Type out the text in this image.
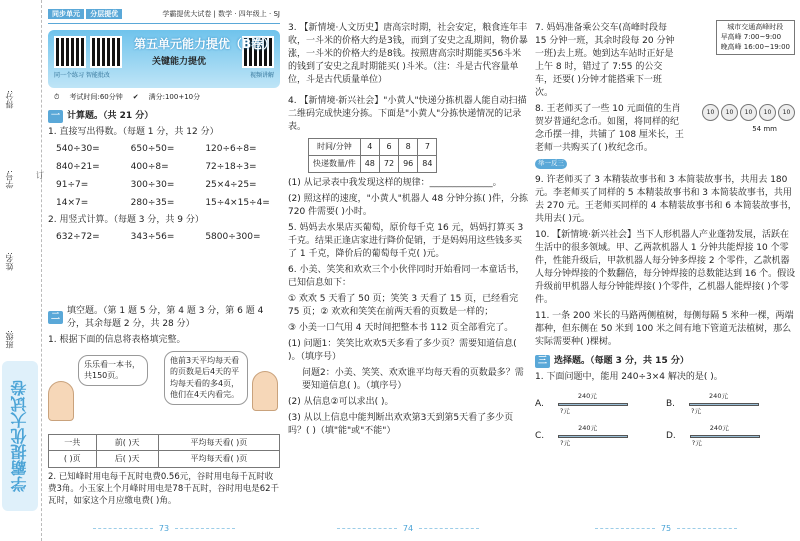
得分:
学号:
姓名:
班级:
订
学霸提优大试卷
同步单元 分层提优	学霸提优大试卷 | 数学 · 四年级上 · SJ
同一个练习 智能批改	视频讲解
第五单元能力提优（B卷）
关键能力提优
⏱ 考试时间:60分钟 ✔ 满分:100+10分
一 计算题。（共 21 分）
1. 直接写出得数。（每题 1 分，共 12 分）
540÷30=	650÷50=	120÷6÷8=
840÷21=	400÷8=	72÷18÷3=
91÷7=	300÷30=	25×4÷25=
14×7=	280÷35=	15÷4×15÷4=
2. 用竖式计算。（每题 3 分，共 9 分）
632÷72=	343÷56=	5800÷300=
二
填空题。（第 1 题 5 分，第 4 题 3 分，第 6 题 4 分，其余每题 2 分，共 28 分）
1. 根据下面的信息将表格填完整。
乐乐看一本书，共150页。
他前3天平均每天看的页数是后4天的平均每天看的多4页，他们在4天内看完。
一共	前( )天	平均每天看( )页
( )页	后( )天	平均每天看( )页
2. 已知峰时用电每千瓦时电费0.56元，谷时用电每千瓦时收费3角。小玉家上个月峰时用电是78千瓦时，谷时用电是62千瓦时，如家这个月应缴电费( )角。
73
3. 【新情境·人文历史】唐高宗时期，社会安定，粮食连年丰收，一斗米的价格大约是3钱，而到了安史之乱期间，物价暴涨，一斗米的价格大约是8钱。按照唐高宗时期能买56斗米的钱到了安史之乱时期能买( )斗米。（注：斗是古代容量单位，斗是古代质量单位）
4. 【新情境·新兴社会】"小黄人"快递分拣机器人能自动扫描二维码完成快速分拣。下面是"小黄人"分拣快递情况的记录表。
时间/分钟	4	6	8	7
快递数量/件	48	72	96	84
(1) 从记录表中我发现这样的规律：______________。
(2) 照这样的速度，"小黄人"机器人 48 分钟分拣( )件，分拣 720 件需要( )小时。
5. 妈妈去水果店买葡萄，原价每千克 16 元，妈妈打算买 3 千克。结果正逢店家进行降价促销，于是妈妈用这些钱多买了 1 千克，降价后的葡萄每千克( )元。
6. 小美、笑笑和欢欢三个小伙伴同时开始看同一本童话书，已知信息如下：
① 欢欢 5 天看了 50 页；笑笑 3 天看了 15 页，已经看完 75 页；② 欢欢和笑笑在前两天看的页数是一样的；
③ 小美一口气用 4 天时间把整本书 112 页全部看完了。
(1) 问题1：笑笑比欢欢5天多看了多少页？需要知道信息( )。（填序号）
问题2：小美、笑笑、欢欢谁平均每天看的页数最多？需要知道信息( )。（填序号）
(2) 从信息②可以求出( )。
(3) 从以上信息中能判断出欢欢第3天到第5天看了多少页吗？( )（填"能"或"不能"）
74
7. 妈妈准备乘公交车(高峰时段每 15 分钟一班，其余时段每 20 分钟一班)去上班。她到达车站时正好是上午 8 时，错过了 7:55 的公交车，还要( )分钟才能搭乘下一班次。
城市交通高峰时段
早高峰 7:00~9:00
晚高峰 16:00~19:00
8. 王老师买了一些 10 元面值的生肖贺岁普通纪念币。如图，将同样的纪念币摆一排，共铺了 108 厘米长，王老师一共购买了( )枚纪念币。
10	10	10	10	10
54 mm
举一反三
9. 许老师买了 3 本精装故事书和 3 本简装故事书，共用去 180 元。李老师买了同样的 5 本精装故事书和 3 本简装故事书，共用去 270 元。王老师买同样的 4 本精装故事书和 6 本简装故事书，共用去( )元。
10. 【新情境·新兴社会】当下人形机器人产业蓬勃发展，活跃在生活中的很多领域。甲、乙两款机器人 1 分钟共能焊接 10 个零件，性能升级后，甲款机器人每分钟多焊接 2 个零件，乙款机器人每分钟焊接的个数翻倍，每分钟焊接的总数能达到 16 个。假设升级前甲机器人每分钟能焊接( )个零件，乙机器人能焊接( )个零件。
11. 一条 200 米长的马路两侧植树，每侧每隔 5 米种一棵，两端都种，但东侧在 50 米到 100 米之间有地下管道无法植树，那么实际需要种( )棵树。
三 选择题。（每题 3 分，共 15 分）
1. 下面问题中，能用 240÷3×4 解决的是( )。
A.
240元
?元
B.
240元
?元
C.
240元
?元
D.
240元
?元
75
